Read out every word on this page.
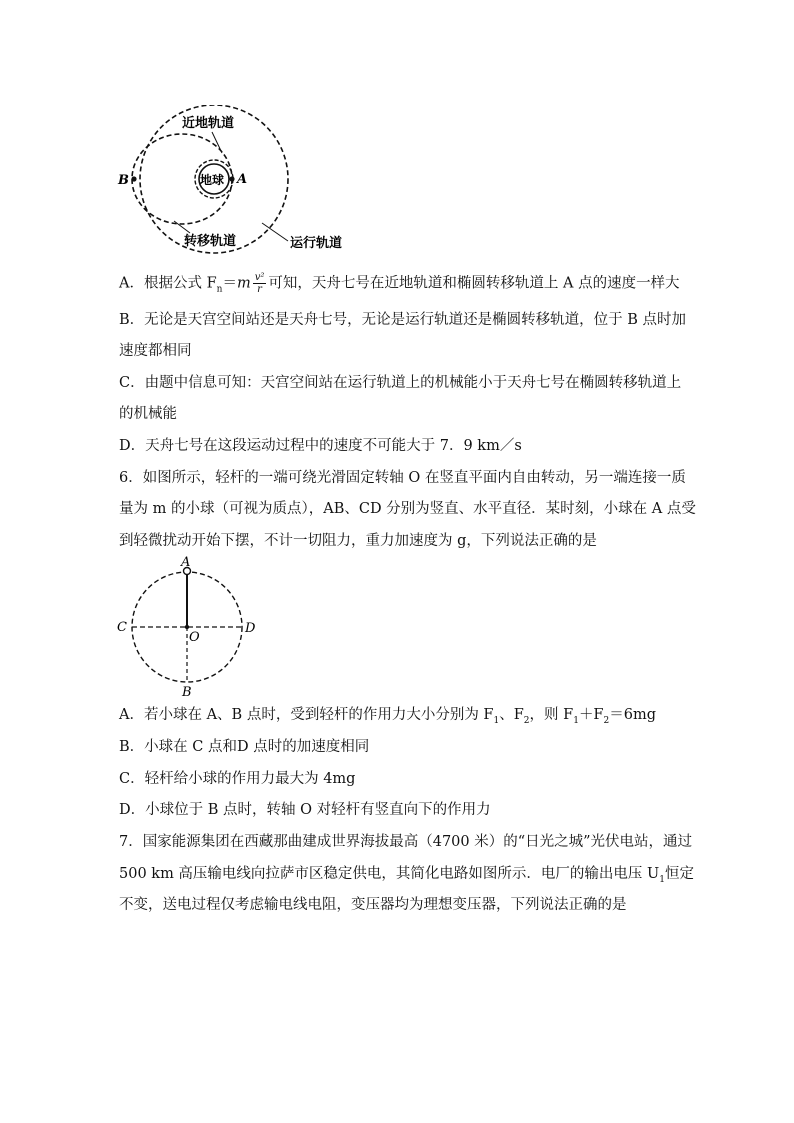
近地轨道
地球
转移轨道	运行轨道
A
B
A．根据公式 $F_n=m \frac{\text{v²}}{r}$ 可知，天舟七号在近地轨道和椭圆转移轨道上 A 点的速度一样大
B．无论是天宫空间站还是天舟七号，无论是运行轨道还是椭圆转移轨道，位于 B 点时加
速度都相同
C．由题中信息可知：天宫空间站在运行轨道上的机械能小于天舟七号在椭圆转移轨道上
的机械能
D．天舟七号在这段运动过程中的速度不可能大于 7．9 km／s
6．如图所示，轻杆的一端可绕光滑固定转轴 O 在竖直平面内自由转动，另一端连接一质
量为 m 的小球（可视为质点），AB、CD 分别为竖直、水平直径．某时刻，小球在 A 点受
到轻微扰动开始下摆，不计一切阻力，重力加速度为 g，下列说法正确的是
A
B
C	D
O
A．若小球在 A、B 点时，受到轻杆的作用力大小分别为 $F_1$、$F_2$，则 $F_1+F_2=6mg$
B．小球在 C 点和D 点时的加速度相同
C．轻杆给小球的作用力最大为 4mg
D．小球位于 B 点时，转轴 O 对轻杆有竖直向下的作用力
7．国家能源集团在西藏那曲建成世界海拔最高（4700 米）的“日光之城”光伏电站，通过
500 km 高压输电线向拉萨市区稳定供电，其简化电路如图所示．电厂的输出电压 $U_1$恒定
不变，送电过程仅考虑输电线电阻，变压器均为理想变压器，下列说法正确的是
